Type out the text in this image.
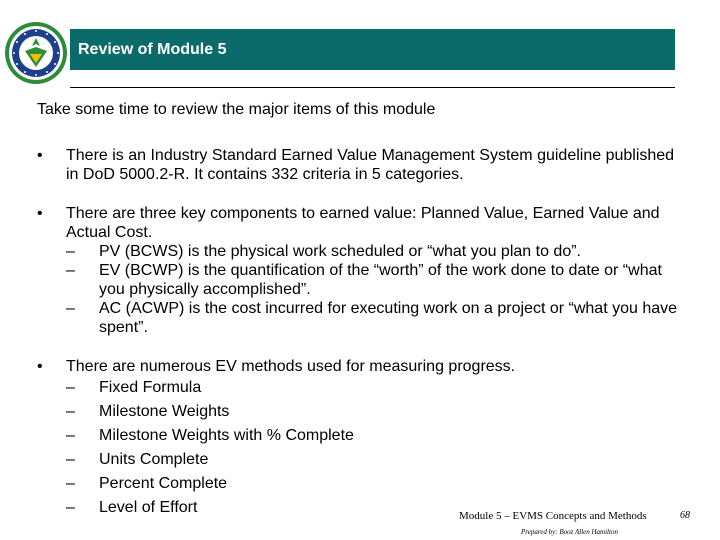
Review of Module 5
Take some time to review the major items of this module
• There is an Industry Standard Earned Value Management System guideline published in DoD 5000.2-R. It contains 332 criteria in 5 categories.
• There are three key components to earned value: Planned Value, Earned Value and Actual Cost.
– PV (BCWS) is the physical work scheduled or “what you plan to do”.
– EV (BCWP) is the quantification of the “worth” of the work done to date or “what you physically accomplished”.
– AC (ACWP) is the cost incurred for executing work on a project or “what you have spent”.
• There are numerous EV methods used for measuring progress.
– Fixed Formula
– Milestone Weights
– Milestone Weights with % Complete
– Units Complete
– Percent Complete
– Level of Effort	Module 5 – EVMS Concepts and Methods
Prepared by: Booz Allen Hamilton
68
